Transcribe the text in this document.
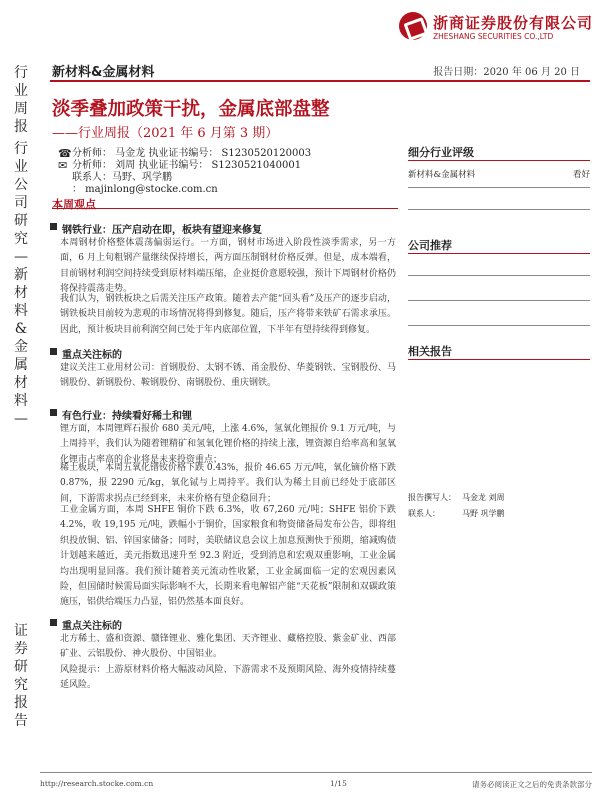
浙商证券股份有限公司
ZHESHANG SECURITIES CO.,LTD
行业周报
行业公司研究—新材料&金属材料—
证券研究报告
新材料&金属材料	报告日期：2020 年 06 月 20 日
淡季叠加政策干扰，金属底部盘整
——行业周报（2021 年 6 月第 3 期）
☎ 分析师： 马金龙 执业证书编号： S1230520120003
✉ 分析师： 刘周 执业证书编号： S1230521040001
联系人： 马野、巩学鹏
： majinlong@stocke.com.cn
本周观点
钢铁行业：压产启动在即，板块有望迎来修复
本周钢材价格整体震荡偏弱运行。一方面，钢材市场进入阶段性淡季需求，另一方面，6 月上旬粗钢产量继续保持增长，两方面压制钢材价格反弹。但是，成本端看，目前钢材利润空间持续受到原材料端压缩，企业挺价意愿较强，预计下周钢材价格仍将保持震荡走势。
我们认为，钢铁板块之后需关注压产政策。随着去产能“回头看”及压产的逐步启动，钢铁板块目前较为悲观的市场情况将得到修复。随后，压产将带来铁矿石需求承压。因此，预计板块目前利润空间已处于年内底部位置，下半年有望持续得到修复。
重点关注标的
建议关注工业用材公司：首钢股份、太钢不锈、甬金股份、华菱钢铁、宝钢股份、马钢股份、新钢股份、鞍钢股份、南钢股份、重庆钢铁。
有色行业：持续看好稀土和锂
锂方面，本周锂辉石报价 680 美元/吨，上涨 4.6%，氢氧化锂报价 9.1 万元/吨，与上周持平，我们认为随着锂精矿和氢氧化锂价格的持续上涨，锂资源自给率高和氢氧化锂市占率高的企业将是未来投资重点；
稀土板块，本周五氧化镨钕价格下跌 0.43%，报价 46.65 万元/吨，氧化镝价格下跌 0.87%，报 2290 元/kg，氧化铽与上周持平。我们认为稀土目前已经处于底部区间，下游需求拐点已经到来，未来价格有望企稳回升；
工业金属方面，本周 SHFE 铜价下跌 6.3%，收 67,260 元/吨；SHFE 铝价下跌 4.2%，收 19,195 元/吨，跌幅小于铜价，国家粮食和物资储备局发布公告，即将组织投放铜、铝、锌国家储备；同时，美联储议息会议上加息预测快于预期，缩减购债计划越来越近，美元指数迅速升至 92.3 附近，受到消息和宏观双重影响，工业金属均出现明显回落。我们预计随着美元流动性收紧，工业金属面临一定的宏观因素风险，但国储时候需局面实际影响不大，长期来看电解铝产能“天花板”限制和双碳政策施压，铝供给端压力凸显，铝仍然基本面良好。
重点关注标的
北方稀土、盛和资源、赣锋锂业、雅化集团、天齐锂业、藏格控股、紫金矿业、西部矿业、云铝股份、神火股份、中国铝业。
风险提示：上游原材料价格大幅波动风险、下游需求不及预期风险、海外疫情持续蔓延风险。
细分行业评级
新材料&金属材料	看好
公司推荐
相关报告
报告撰写人： 马金龙 刘周
联系人：	马野 巩学鹏
http://research.stocke.com.cn	1/15	请务必阅读正文之后的免责条款部分
